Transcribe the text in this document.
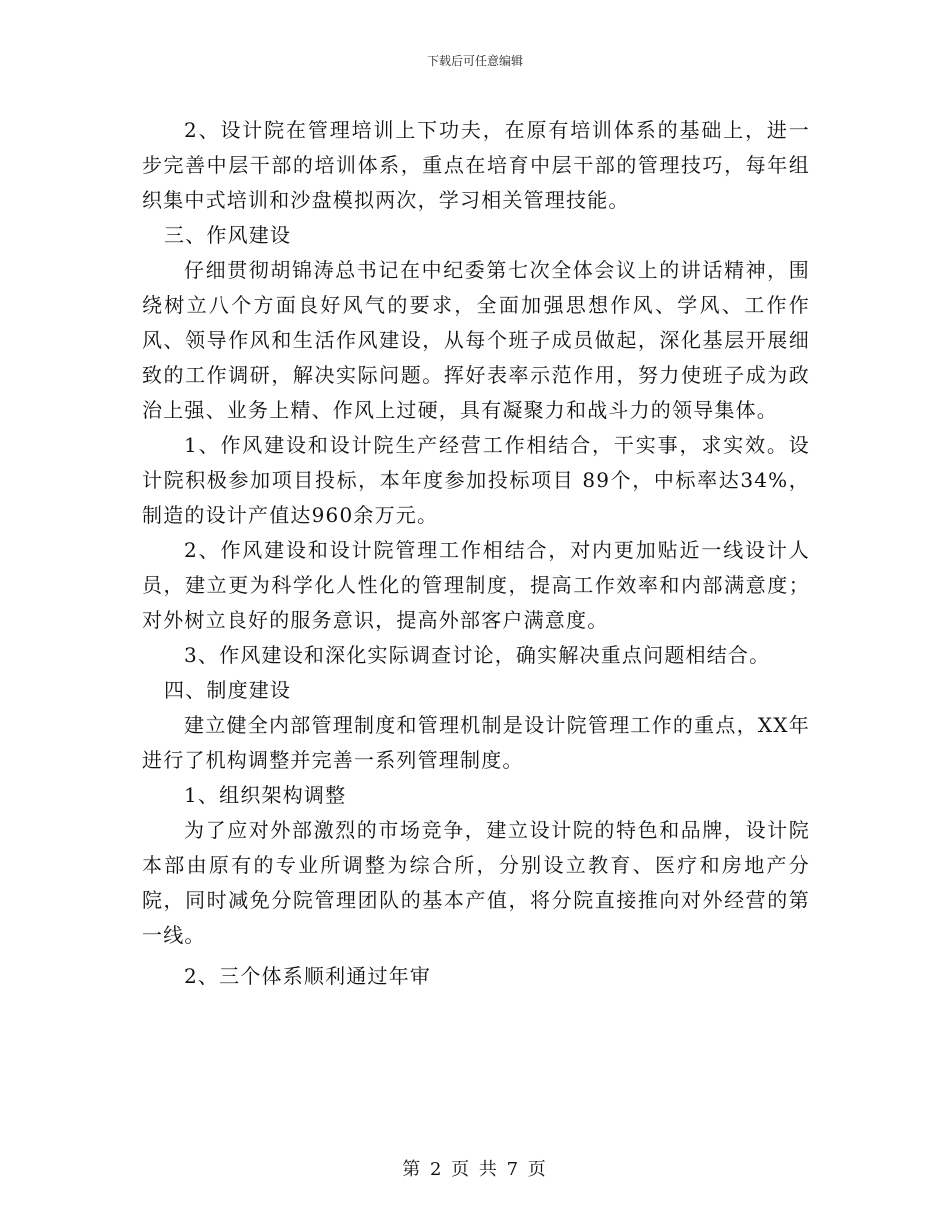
下载后可任意编辑

2、设计院在管理培训上下功夫，在原有培训体系的基础上，进一步完善中层干部的培训体系，重点在培育中层干部的管理技巧，每年组织集中式培训和沙盘模拟两次，学习相关管理技能。

三、作风建设

仔细贯彻胡锦涛总书记在中纪委第七次全体会议上的讲话精神，围绕树立八个方面良好风气的要求，全面加强思想作风、学风、工作作风、领导作风和生活作风建设，从每个班子成员做起，深化基层开展细致的工作调研，解决实际问题。挥好表率示范作用，努力使班子成为政治上强、业务上精、作风上过硬，具有凝聚力和战斗力的领导集体。

1、作风建设和设计院生产经营工作相结合，干实事，求实效。设计院积极参加项目投标，本年度参加投标项目 89个，中标率达34%，制造的设计产值达960余万元。

2、作风建设和设计院管理工作相结合，对内更加贴近一线设计人员，建立更为科学化人性化的管理制度，提高工作效率和内部满意度；对外树立良好的服务意识，提高外部客户满意度。

3、作风建设和深化实际调查讨论，确实解决重点问题相结合。

四、制度建设

建立健全内部管理制度和管理机制是设计院管理工作的重点，XX年进行了机构调整并完善一系列管理制度。

1、组织架构调整

为了应对外部激烈的市场竞争，建立设计院的特色和品牌，设计院本部由原有的专业所调整为综合所，分别设立教育、医疗和房地产分院，同时减免分院管理团队的基本产值，将分院直接推向对外经营的第一线。

2、三个体系顺利通过年审

第 2 页 共 7 页
